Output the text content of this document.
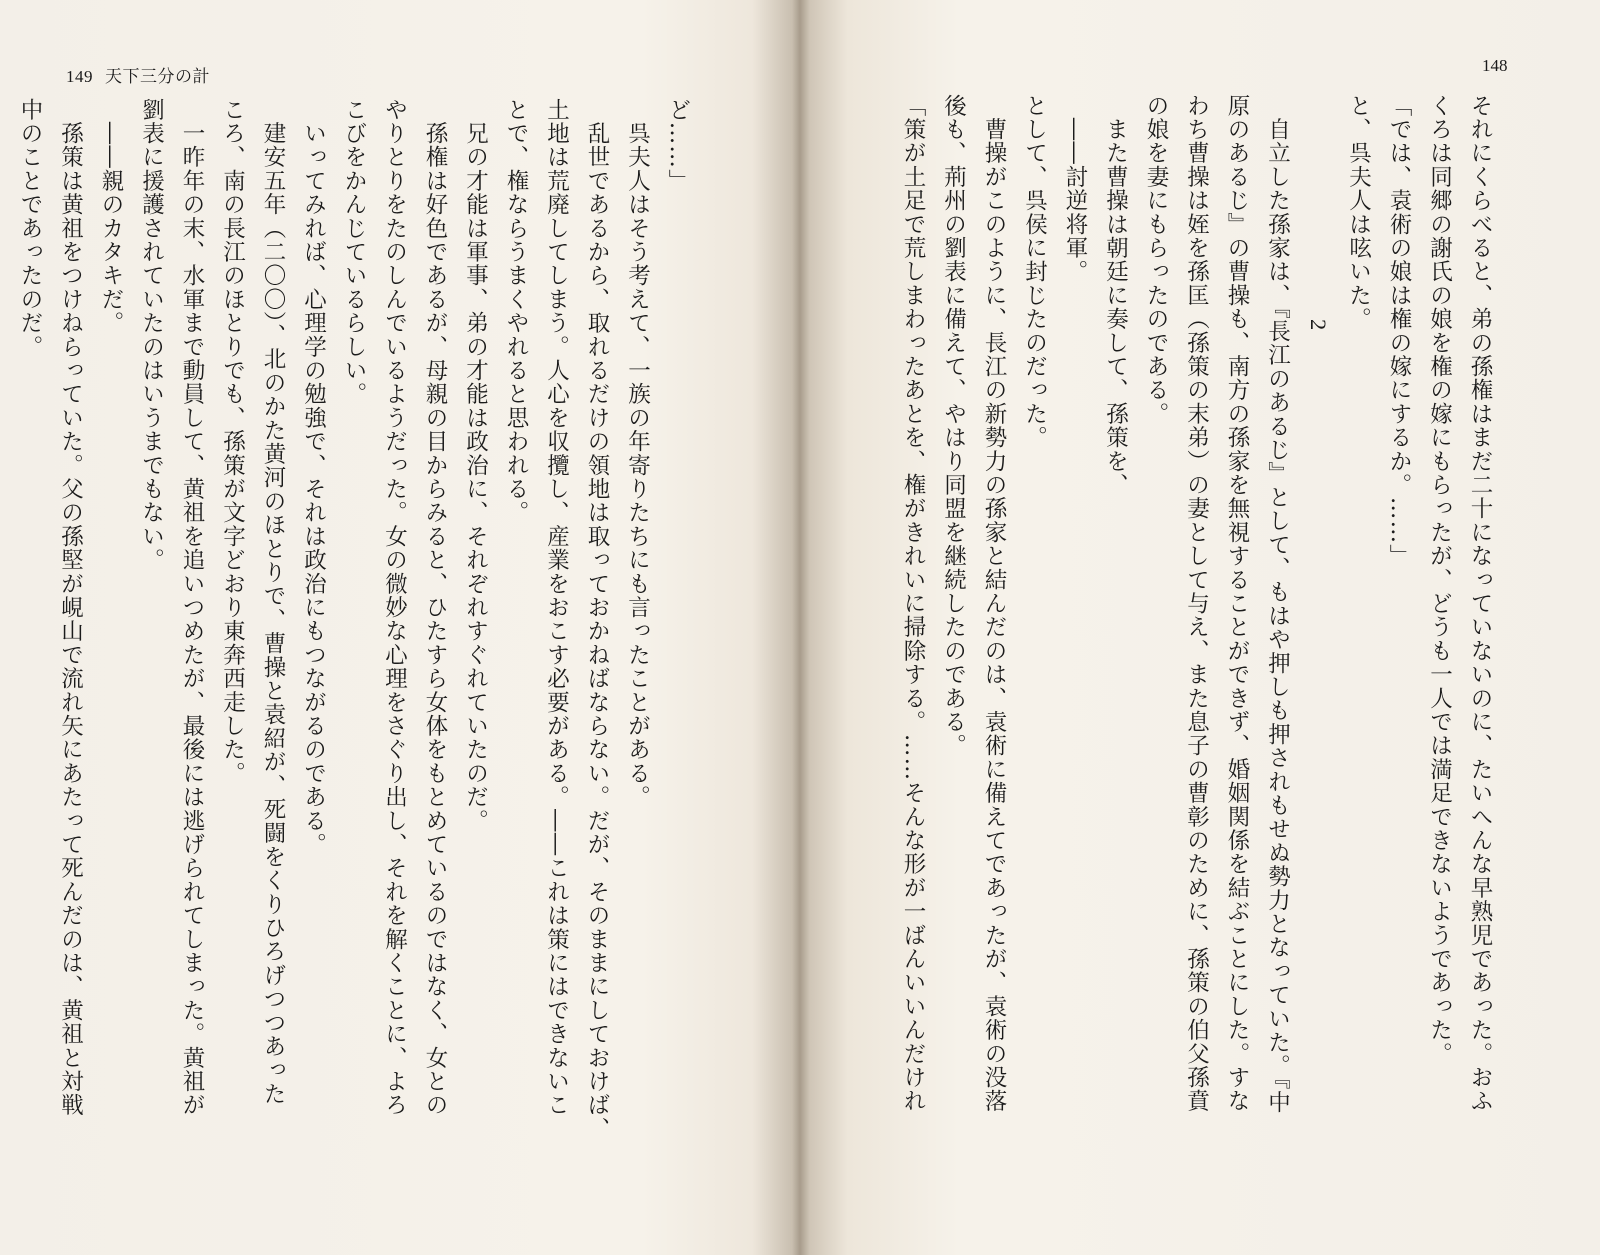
149 天下三分の計

ど……」

　呉夫人はそう考えて、一族の年寄りたちにも言ったことがある。

　乱世であるから、取れるだけの領地は取っておかねばならない。だが、そのままにしておけば、

土地は荒廃してしまう。人心を収攬し、産業をおこす必要がある。――これは策にはできないこ

とで、権ならうまくやれると思われる。

　兄の才能は軍事、弟の才能は政治に、それぞれすぐれていたのだ。

　孫権は好色であるが、母親の目からみると、ひたすら女体をもとめているのではなく、女との

やりとりをたのしんでいるようだった。女の微妙な心理をさぐり出し、それを解くことに、よろ

こびをかんじているらしい。

　いってみれば、心理学の勉強で、それは政治にもつながるのである。

　建安五年（二〇〇）、北のかた黄河のほとりで、曹操と袁紹が、死闘をくりひろげつつあった

ころ、南の長江のほとりでも、孫策が文字どおり東奔西走した。

　一昨年の末、水軍まで動員して、黄祖を追いつめたが、最後には逃げられてしまった。黄祖が

劉表に援護されていたのはいうまでもない。

　――親のカタキだ。

　孫策は黄祖をつけねらっていた。父の孫堅が峴山で流れ矢にあたって死んだのは、黄祖と対戦

中のことであったのだ。

148

それにくらべると、弟の孫権はまだ二十になっていないのに、たいへんな早熟児であった。おふ

くろは同郷の謝氏の娘を権の嫁にもらったが、どうも一人では満足できないようであった。

「では、袁術の娘は権の嫁にするか。……」

と、呉夫人は呟いた。

2

　自立した孫家は、『長江のあるじ』として、もはや押しも押されもせぬ勢力となっていた。『中

原のあるじ』の曹操も、南方の孫家を無視することができず、婚姻関係を結ぶことにした。すな

わち曹操は姪を孫匡（孫策の末弟）の妻として与え、また息子の曹彰のために、孫策の伯父孫賁

の娘を妻にもらったのである。

　また曹操は朝廷に奏して、孫策を、

　――討逆将軍。

として、呉侯に封じたのだった。

　曹操がこのように、長江の新勢力の孫家と結んだのは、袁術に備えてであったが、袁術の没落

後も、荊州の劉表に備えて、やはり同盟を継続したのである。

「策が土足で荒しまわったあとを、権がきれいに掃除する。……そんな形が一ばんいいんだけれ
